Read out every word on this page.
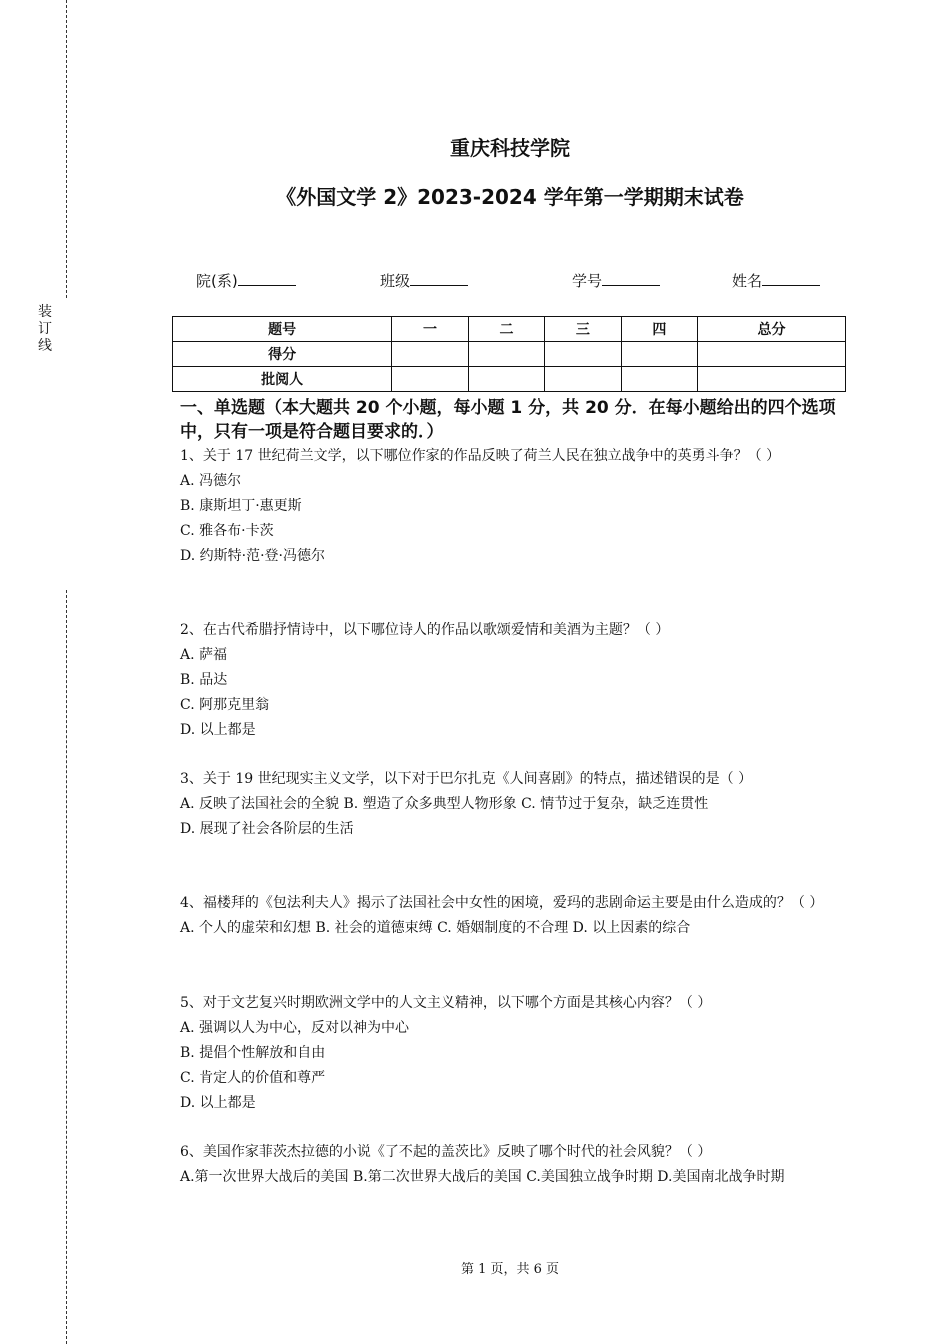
装
订
线
重庆科技学院
《外国文学 2》2023-2024 学年第一学期期末试卷
院(系)	班级	学号	姓名
题号	一	二	三	四	总分
得分					
批阅人					
一、单选题（本大题共 20 个小题，每小题 1 分，共 20 分．在每小题给出的四个选项中，只有一项是符合题目要求的．）

1、关于 17 世纪荷兰文学，以下哪位作家的作品反映了荷兰人民在独立战争中的英勇斗争？（ ）

A. 冯德尔

B. 康斯坦丁·惠更斯

C. 雅各布·卡茨

D. 约斯特·范·登·冯德尔

2、在古代希腊抒情诗中，以下哪位诗人的作品以歌颂爱情和美酒为主题？（ ）

A. 萨福

B. 品达

C. 阿那克里翁

D. 以上都是

3、关于 19 世纪现实主义文学，以下对于巴尔扎克《人间喜剧》的特点，描述错误的是（ ）

A. 反映了法国社会的全貌 B. 塑造了众多典型人物形象 C. 情节过于复杂，缺乏连贯性

D. 展现了社会各阶层的生活

4、福楼拜的《包法利夫人》揭示了法国社会中女性的困境，爱玛的悲剧命运主要是由什么造成的？（ ）

A. 个人的虚荣和幻想 B. 社会的道德束缚 C. 婚姻制度的不合理 D. 以上因素的综合

5、对于文艺复兴时期欧洲文学中的人文主义精神，以下哪个方面是其核心内容？（ ）

A. 强调以人为中心，反对以神为中心

B. 提倡个性解放和自由

C. 肯定人的价值和尊严

D. 以上都是

6、美国作家菲茨杰拉德的小说《了不起的盖茨比》反映了哪个时代的社会风貌？（ ）

A.第一次世界大战后的美国 B.第二次世界大战后的美国 C.美国独立战争时期 D.美国南北战争时期

第 1 页，共 6 页
